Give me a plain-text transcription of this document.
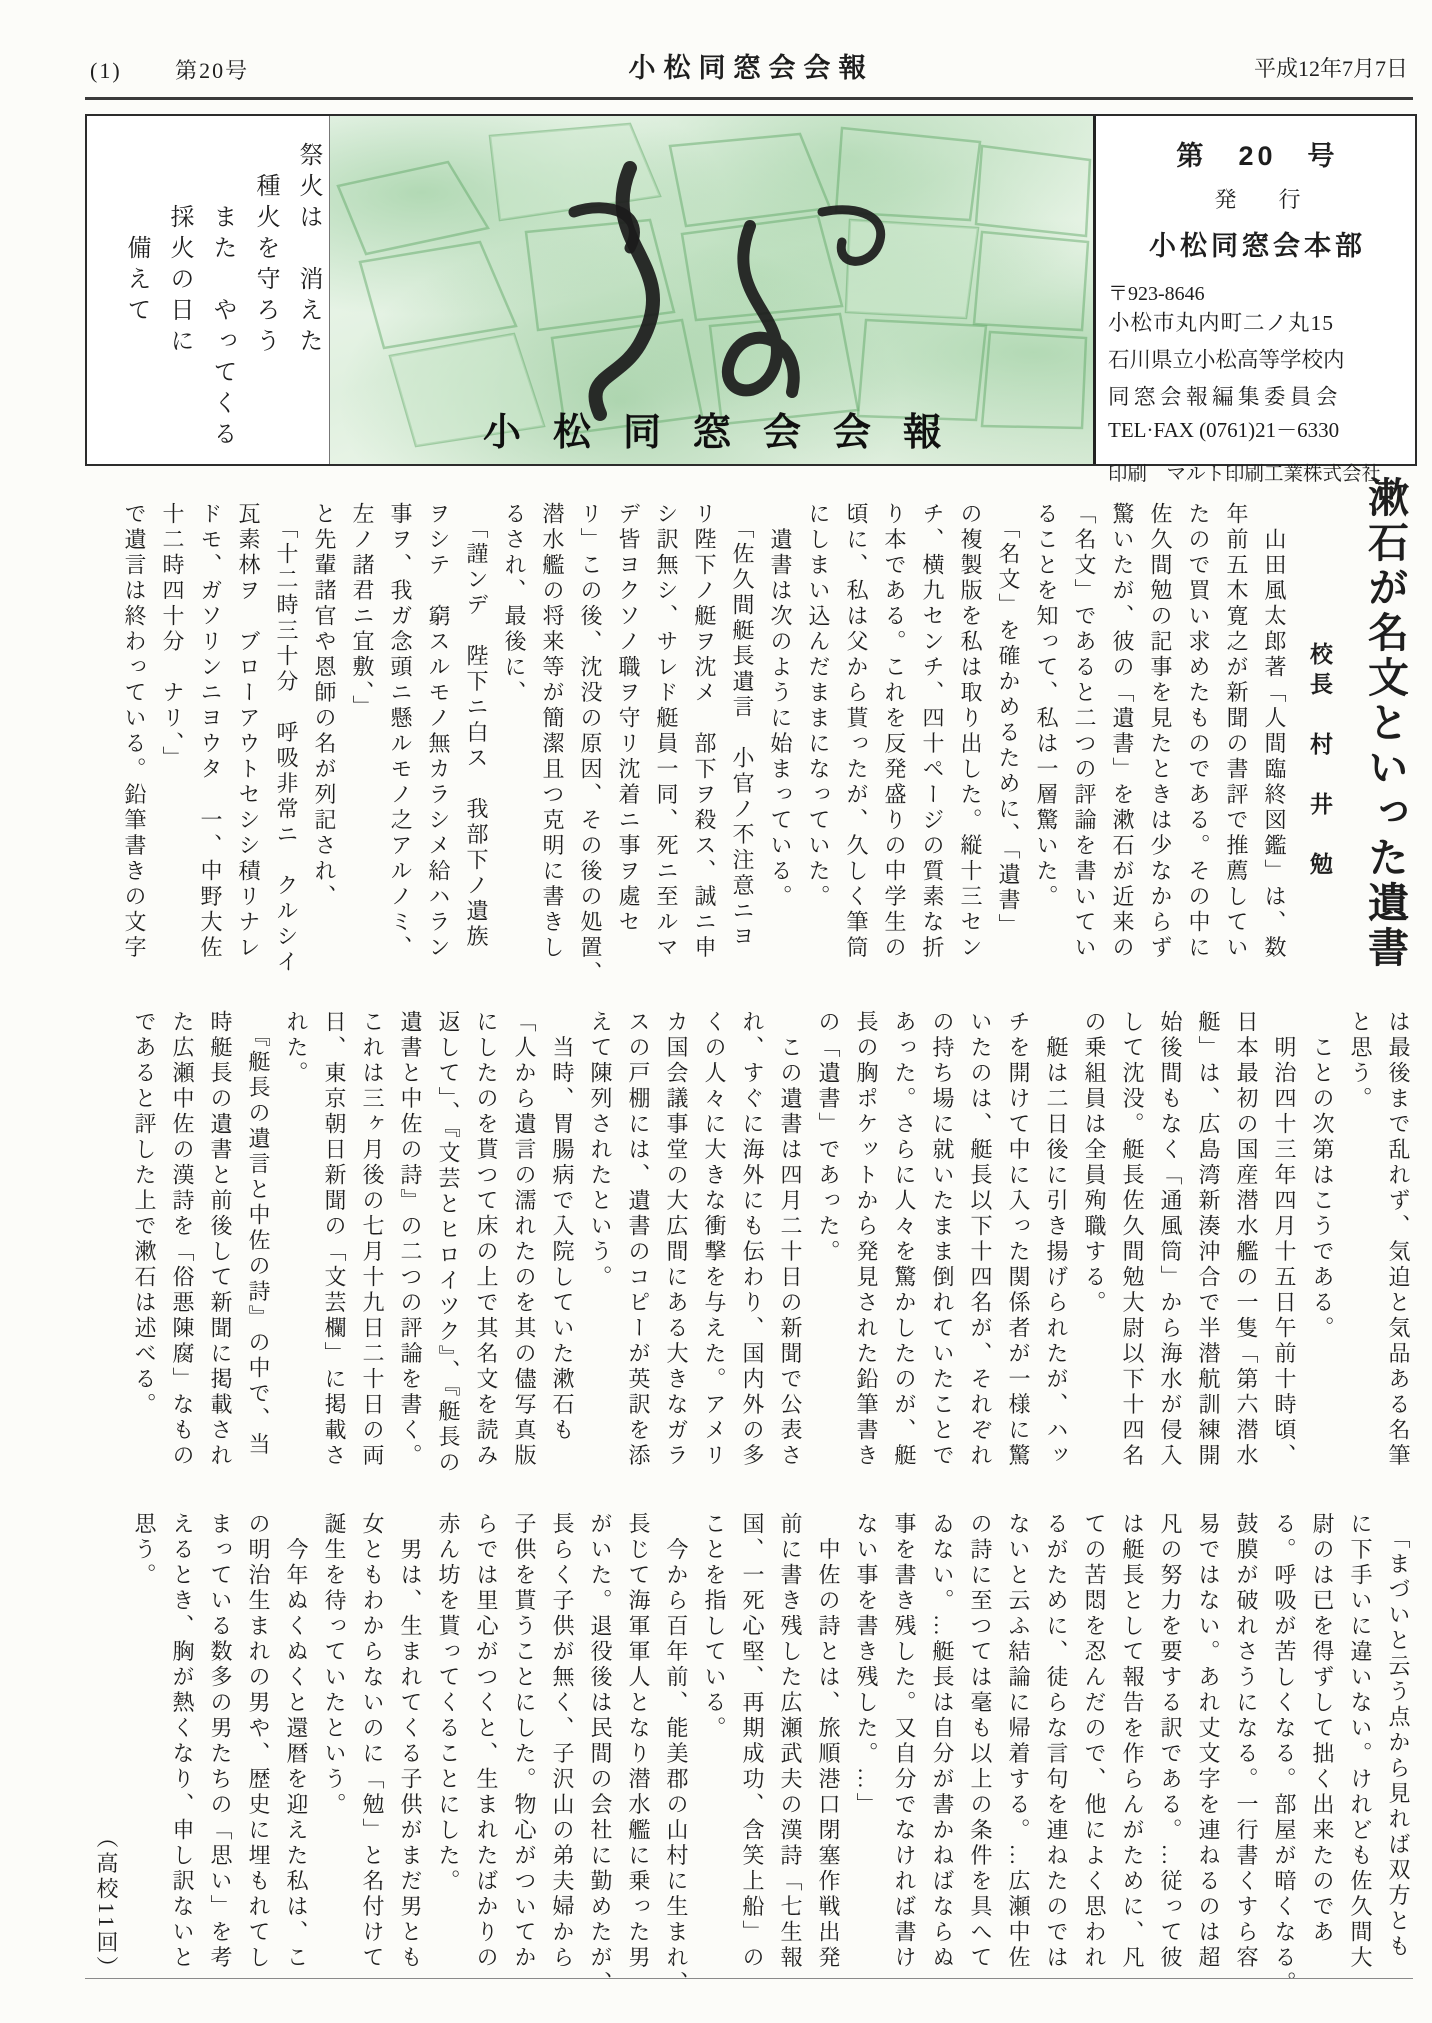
(1) 第20号	小松同窓会会報	平成12年7月7日
祭火は　消えた
　種火を守ろう
　　また　やってくる
　　採火の日に
　　　備えて
小松同窓会会報
第　20　号
発　行
小松同窓会本部
〒923-8646
小松市丸内町二ノ丸15
石川県立小松高等学校内
同窓会報編集委員会
TEL·FAX (0761)21－6330
印刷　マルト印刷工業株式会社
漱石が名文といった遺書
校長　村　井　勉
　山田風太郎著「人間臨終図鑑」は、数
年前五木寛之が新聞の書評で推薦してい
たので買い求めたものである。その中に
佐久間勉の記事を見たときは少なからず
驚いたが、彼の「遺書」を漱石が近来の
「名文」であると二つの評論を書いてい
ることを知って、私は一層驚いた。
　「名文」を確かめるために、「遺書」
の複製版を私は取り出した。縦十三セン
チ、横九センチ、四十ページの質素な折
り本である。これを反発盛りの中学生の
頃に、私は父から貰ったが、久しく筆筒
にしまい込んだままになっていた。
　遺書は次のように始まっている。
　「佐久間艇長遺言　小官ノ不注意ニヨ
リ陛下ノ艇ヲ沈メ　部下ヲ殺ス、誠ニ申
シ訳無シ、サレド艇員一同、死ニ至ルマ
デ皆ヨクソノ職ヲ守リ沈着ニ事ヲ處セ
リ」この後、沈没の原因、その後の処置、
潜水艦の将来等が簡潔且つ克明に書きし
るされ、最後に、
　「謹ンデ　陛下ニ白ス　我部下ノ遺族
ヲシテ　窮スルモノ無カラシメ給ハラン
事ヲ、我ガ念頭ニ懸ルモノ之アルノミ、
左ノ諸君ニ宜敷、」
と先輩諸官や恩師の名が列記され、
　「十二時三十分　呼吸非常ニ　クルシイ
瓦素林ヲ　ブローアウトセシシ積リナレ
ドモ、ガソリンニヨウタ　一、中野大佐
十二時四十分　ナリ、」
で遺言は終わっている。鉛筆書きの文字
は最後まで乱れず、気迫と気品ある名筆
と思う。
　ことの次第はこうである。
　明治四十三年四月十五日午前十時頃、
日本最初の国産潜水艦の一隻「第六潜水
艇」は、広島湾新湊沖合で半潜航訓練開
始後間もなく「通風筒」から海水が侵入
して沈没。艇長佐久間勉大尉以下十四名
の乗組員は全員殉職する。
　艇は二日後に引き揚げられたが、ハッ
チを開けて中に入った関係者が一様に驚
いたのは、艇長以下十四名が、それぞれ
の持ち場に就いたまま倒れていたことで
あった。さらに人々を驚かしたのが、艇
長の胸ポケットから発見された鉛筆書き
の「遺書」であった。
　この遺書は四月二十日の新聞で公表さ
れ、すぐに海外にも伝わり、国内外の多
くの人々に大きな衝撃を与えた。アメリ
カ国会議事堂の大広間にある大きなガラ
スの戸棚には、遺書のコピーが英訳を添
えて陳列されたという。
　当時、胃腸病で入院していた漱石も
「人から遺言の濡れたのを其の儘写真版
にしたのを貰つて床の上で其名文を読み
返して」、『文芸とヒロイツク』、『艇長の
遺書と中佐の詩』の二つの評論を書く。
これは三ヶ月後の七月十九日二十日の両
日、東京朝日新聞の「文芸欄」に掲載さ
れた。
　『艇長の遺言と中佐の詩』の中で、当
時艇長の遺書と前後して新聞に掲載され
た広瀬中佐の漢詩を「俗悪陳腐」なもの
であると評した上で漱石は述べる。
　「まづいと云う点から見れば双方とも
に下手いに違いない。けれども佐久間大
尉のは已を得ずして拙く出来たのであ
る。呼吸が苦しくなる。部屋が暗くなる。
鼓膜が破れさうになる。一行書くすら容
易ではない。あれ丈文字を連ねるのは超
凡の努力を要する訳である。…従って彼
は艇長として報告を作らんがために、凡
ての苦悶を忍んだので、他によく思われ
るがために、徒らな言句を連ねたのでは
ないと云ふ結論に帰着する。…広瀬中佐
の詩に至つては毫も以上の条件を具へて
ゐない。…艇長は自分が書かねばならぬ
事を書き残した。又自分でなければ書け
ない事を書き残した。…」
　中佐の詩とは、旅順港口閉塞作戦出発
前に書き残した広瀬武夫の漢詩「七生報
国、一死心堅、再期成功、含笑上船」の
ことを指している。
　今から百年前、能美郡の山村に生まれ、
長じて海軍軍人となり潜水艦に乗った男
がいた。退役後は民間の会社に勤めたが、
長らく子供が無く、子沢山の弟夫婦から
子供を貰うことにした。物心がついてか
らでは里心がつくと、生まれたばかりの
赤ん坊を貰ってくることにした。
　男は、生まれてくる子供がまだ男とも
女ともわからないのに「勉」と名付けて
誕生を待っていたという。
　今年ぬくぬくと還暦を迎えた私は、こ
の明治生まれの男や、歴史に埋もれてし
まっている数多の男たちの「思い」を考
えるとき、胸が熱くなり、申し訳ないと
思う。
（高校11回）
